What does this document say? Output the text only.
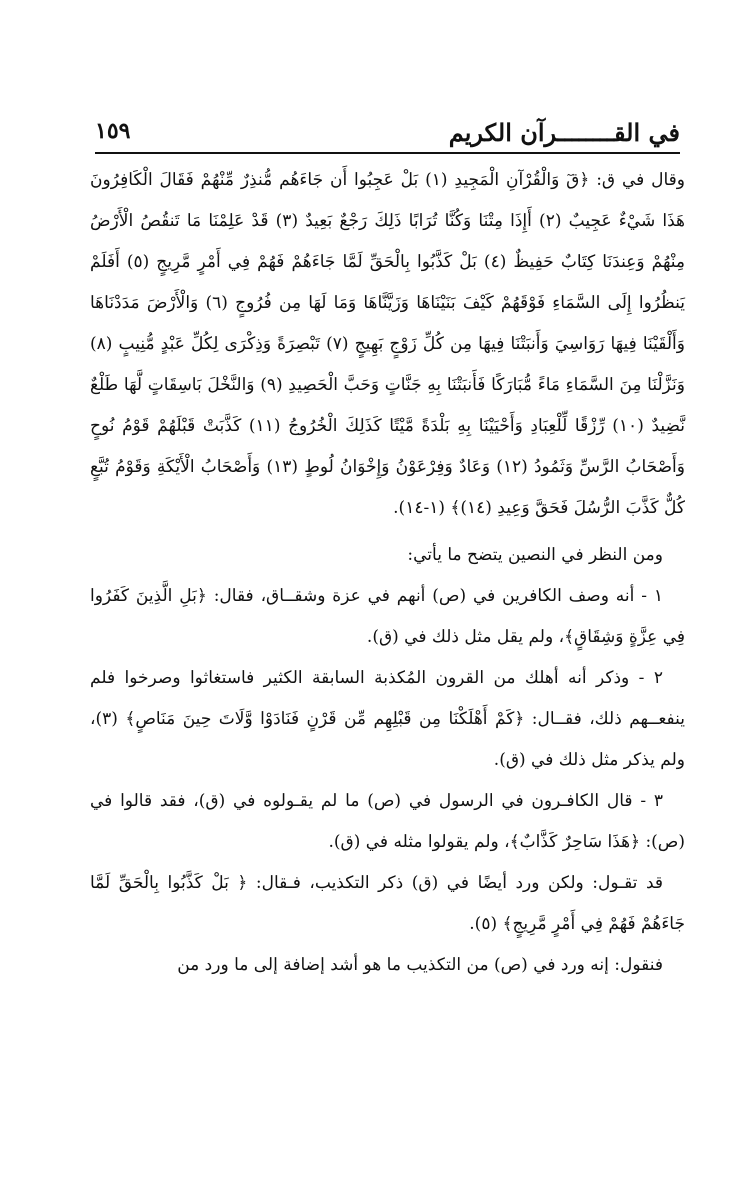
في القــــــــرآن الكريم
١٥٩
وقال في ق: ﴿قٓ وَالْقُرْآنِ الْمَجِيدِ (١) بَلْ عَجِبُوا أَن جَاءَهُم مُّنذِرٌ مِّنْهُمْ فَقَالَ الْكَافِرُونَ هَذَا شَيْءٌ عَجِيبٌ (٢) أَإِذَا مِتْنَا وَكُنَّا تُرَابًا ذَلِكَ رَجْعٌ بَعِيدٌ (٣) قَدْ عَلِمْنَا مَا تَنقُصُ الْأَرْضُ مِنْهُمْ وَعِندَنَا كِتَابٌ حَفِيظٌ (٤) بَلْ كَذَّبُوا بِالْحَقِّ لَمَّا جَاءَهُمْ فَهُمْ فِي أَمْرٍ مَّرِيجٍ (٥) أَفَلَمْ يَنظُرُوا إِلَى السَّمَاءِ فَوْقَهُمْ كَيْفَ بَنَيْنَاهَا وَزَيَّنَّاهَا وَمَا لَهَا مِن فُرُوجٍ (٦) وَالْأَرْضَ مَدَدْنَاهَا وَأَلْقَيْنَا فِيهَا رَوَاسِيَ وَأَنبَتْنَا فِيهَا مِن كُلِّ زَوْجٍ بَهِيجٍ (٧) تَبْصِرَةً وَذِكْرَى لِكُلِّ عَبْدٍ مُّنِيبٍ (٨) وَنَزَّلْنَا مِنَ السَّمَاءِ مَاءً مُّبَارَكًا فَأَنبَتْنَا بِهِ جَنَّاتٍ وَحَبَّ الْحَصِيدِ (٩) وَالنَّخْلَ بَاسِقَاتٍ لَّهَا طَلْعٌ نَّضِيدٌ (١٠) رِّزْقًا لِّلْعِبَادِ وَأَحْيَيْنَا بِهِ بَلْدَةً مَّيْتًا كَذَلِكَ الْخُرُوجُ (١١) كَذَّبَتْ قَبْلَهُمْ قَوْمُ نُوحٍ وَأَصْحَابُ الرَّسِّ وَثَمُودُ (١٢) وَعَادٌ وَفِرْعَوْنُ وَإِخْوَانُ لُوطٍ (١٣) وَأَصْحَابُ الْأَيْكَةِ وَقَوْمُ تُبَّعٍ كُلٌّ كَذَّبَ الرُّسُلَ فَحَقَّ وَعِيدِ (١٤)﴾ (١-١٤).
ومن النظر في النصين يتضح ما يأتي:
١ - أنه وصف الكافرين في (ص) أنهم في عزة وشقــاق، فقال: ﴿بَلِ الَّذِينَ كَفَرُوا فِي عِزَّةٍ وَشِقَاقٍ﴾، ولم يقل مثل ذلك في (ق).
٢ - وذكر أنه أهلك من القرون المُكذبة السابقة الكثير فاستغاثوا وصرخوا فلم ينفعــهم ذلك، فقــال: ﴿كَمْ أَهْلَكْنَا مِن قَبْلِهِم مِّن قَرْنٍ فَنَادَوْا وَّلَاتَ حِينَ مَنَاصٍ﴾ (٣)، ولم يذكر مثل ذلك في (ق).
٣ - قال الكافـرون في الرسول في (ص) ما لم يقـولوه في (ق)، فقد قالوا في (ص): ﴿هَذَا سَاحِرٌ كَذَّابٌ﴾، ولم يقولوا مثله في (ق).
قد تقـول: ولكن ورد أيضًا في (ق) ذكر التكذيب، فـقال: ﴿ بَلْ كَذَّبُوا بِالْحَقِّ لَمَّا جَاءَهُمْ فَهُمْ فِي أَمْرٍ مَّرِيجٍ﴾ (٥).
فنقول: إنه ورد في (ص) من التكذيب ما هو أشد إضافة إلى ما ورد من
